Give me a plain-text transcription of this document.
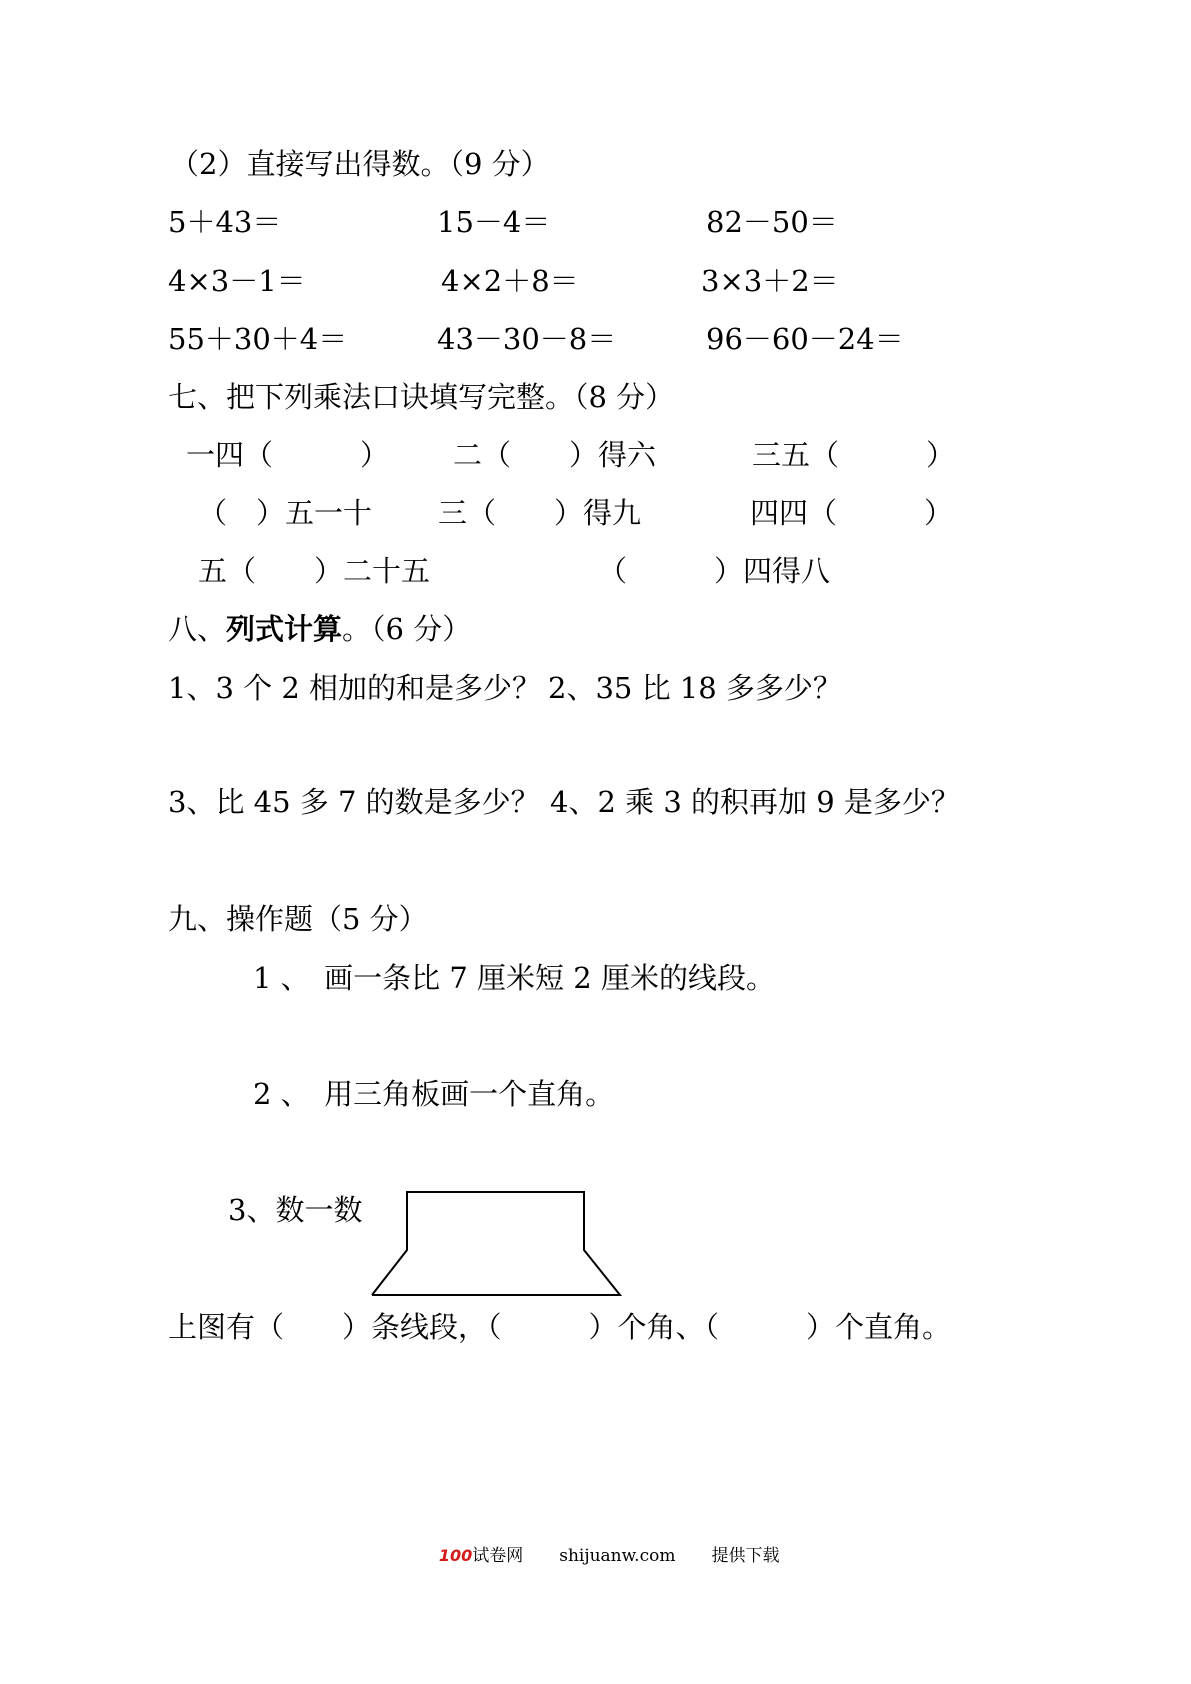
（2）直接写出得数。（9 分）
5＋43＝	15－4＝	82－50＝
4×3－1＝	4×2＋8＝	3×3＋2＝
55＋30＋4＝	43－30－8＝	96－60－24＝
七、把下列乘法口诀填写完整。（8 分）
一四（　　　） 二（　　）得六	三五（　　　）
（　）五一十 三（　　）得九	四四（　　　）
五（　　）二十五	（　　　）四得八
八、列式计算。（6 分）
1、3 个 2 相加的和是多少？ 2、35 比 18 多多少？
3、比 45 多 7 的数是多少？ 4、2 乘 3 的积再加 9 是多少？
九、操作题（5 分）
1 、　画一条比 7 厘米短 2 厘米的线段。
2 、　用三角板画一个直角。
3、数一数
上图有（　　）条线段，（　　　）个角、（　　　）个直角。

100试卷网 shijuanw.com 提供下载
